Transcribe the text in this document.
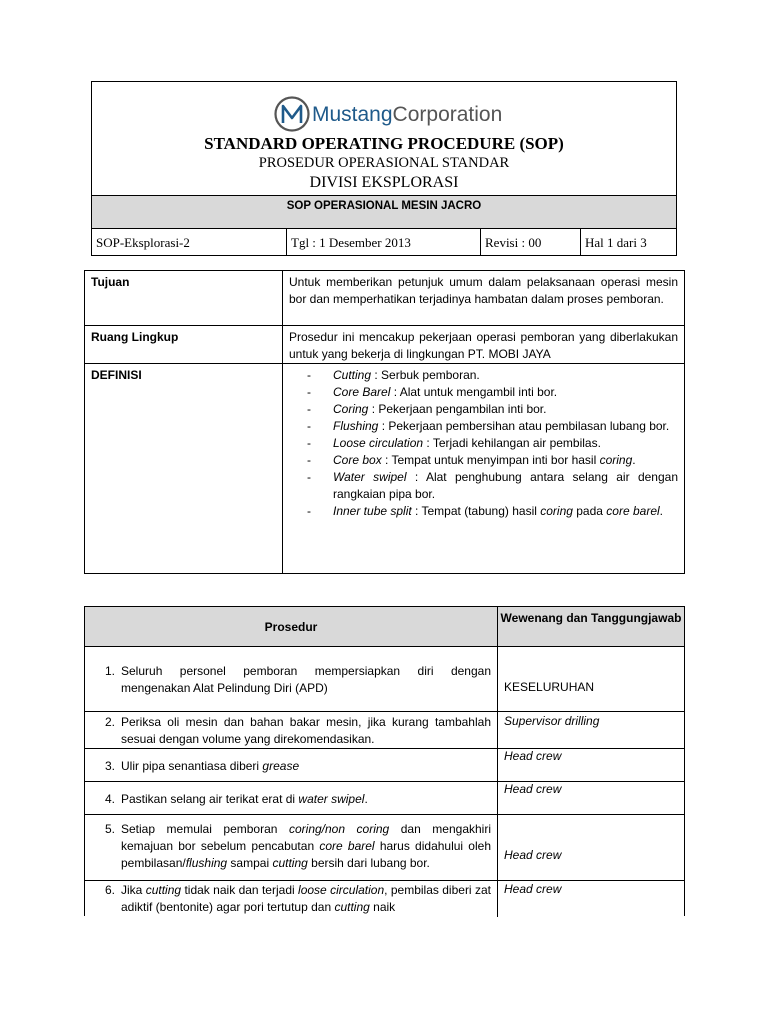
MustangCorporation
STANDARD OPERATING PROCEDURE (SOP)
PROSEDUR OPERASIONAL STANDAR
DIVISI EKSPLORASI
SOP OPERASIONAL MESIN JACRO
SOP-Eksplorasi-2	Tgl : 1 Desember 2013	Revisi : 00	Hal 1 dari 3
Tujuan	Untuk memberikan petunjuk umum dalam pelaksanaan operasi mesin bor dan memperhatikan terjadinya hambatan dalam proses pemboran.
Ruang Lingkup	Prosedur ini mencakup pekerjaan operasi pemboran yang diberlakukan untuk yang bekerja di lingkungan PT. MOBI JAYA
DEFINISI
-	Cutting : Serbuk pemboran.
- Core Barel : Alat untuk mengambil inti bor.
- Coring : Pekerjaan pengambilan inti bor.
- Flushing : Pekerjaan pembersihan atau pembilasan lubang bor.
- Loose circulation : Terjadi kehilangan air pembilas.
- Core box : Tempat untuk menyimpan inti bor hasil coring.
- Water swipel : Alat penghubung antara selang air dengan rangkaian pipa bor.
- Inner tube split : Tempat (tabung) hasil coring pada core barel.
Prosedur
Wewenang dan Tanggungjawab
1. Seluruh personel pemboran mempersiapkan diri dengan mengenakan Alat Pelindung Diri (APD)	KESELURUHAN
2. Periksa oli mesin dan bahan bakar mesin, jika kurang tambahlah sesuai dengan volume yang direkomendasikan.
Supervisor drilling
3. Ulir pipa senantiasa diberi grease
Head crew
4. Pastikan selang air terikat erat di water swipel.
Head crew
5. Setiap memulai pemboran coring/non coring dan mengakhiri kemajuan bor sebelum pencabutan core barel harus didahului oleh pembilasan/flushing sampai cutting bersih dari lubang bor.
Head crew
6. Jika cutting tidak naik dan terjadi loose circulation, pembilas diberi zat adiktif (bentonite) agar pori tertutup dan cutting naik
Head crew
